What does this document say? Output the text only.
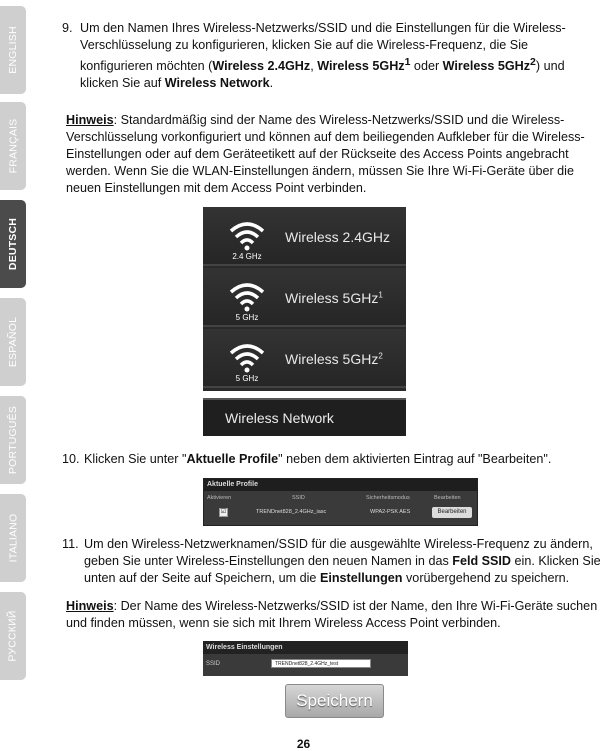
ENGLISH
FRANÇAIS
DEUTSCH
ESPAÑOL
PORTUGUÊS
ITALIANO
РУССКИЙ

9. Um den Namen Ihres Wireless-Netzwerks/SSID und die Einstellungen für die Wireless-Verschlüsselung zu konfigurieren, klicken Sie auf die Wireless-Frequenz, die Sie konfigurieren möchten (Wireless 2.4GHz, Wireless 5GHz$^1$ oder Wireless 5GHz$^2$) und klicken Sie auf Wireless Network.

Hinweis: Standardmäßig sind der Name des Wireless-Netzwerks/SSID und die Wireless-Verschlüsselung vorkonfiguriert und können auf dem beiliegenden Aufkleber für die Wireless-Einstellungen oder auf dem Geräteetikett auf der Rückseite des Access Points angebracht werden. Wenn Sie die WLAN-Einstellungen ändern, müssen Sie Ihre Wi-Fi-Geräte über die neuen Einstellungen mit dem Access Point verbinden.

2.4 GHz
Wireless 2.4GHz
5 GHz
Wireless 5GHz$^1$
5 GHz
Wireless 5GHz$^2$
Wireless Network

10. Klicken Sie unter "Aktuelle Profile" neben dem aktivierten Eintrag auf "Bearbeiten".

Aktuelle Profile
Aktivieren	SSID	Sicherheitsmodus	Bearbeiten
☑	TRENDnet828_2.4GHz_iasc	WPA2-PSK AES	Bearbeiten

11. Um den Wireless-Netzwerknamen/SSID für die ausgewählte Wireless-Frequenz zu ändern, geben Sie unter Wireless-Einstellungen den neuen Namen in das Feld SSID ein. Klicken Sie unten auf der Seite auf Speichern, um die Einstellungen vorübergehend zu speichern.

Hinweis: Der Name des Wireless-Netzwerks/SSID ist der Name, den Ihre Wi-Fi-Geräte suchen und finden müssen, wenn sie sich mit Ihrem Wireless Access Point verbinden.

Wireless Einstellungen
SSID	TRENDnet828_2.4GHz_test
Speichern
26
